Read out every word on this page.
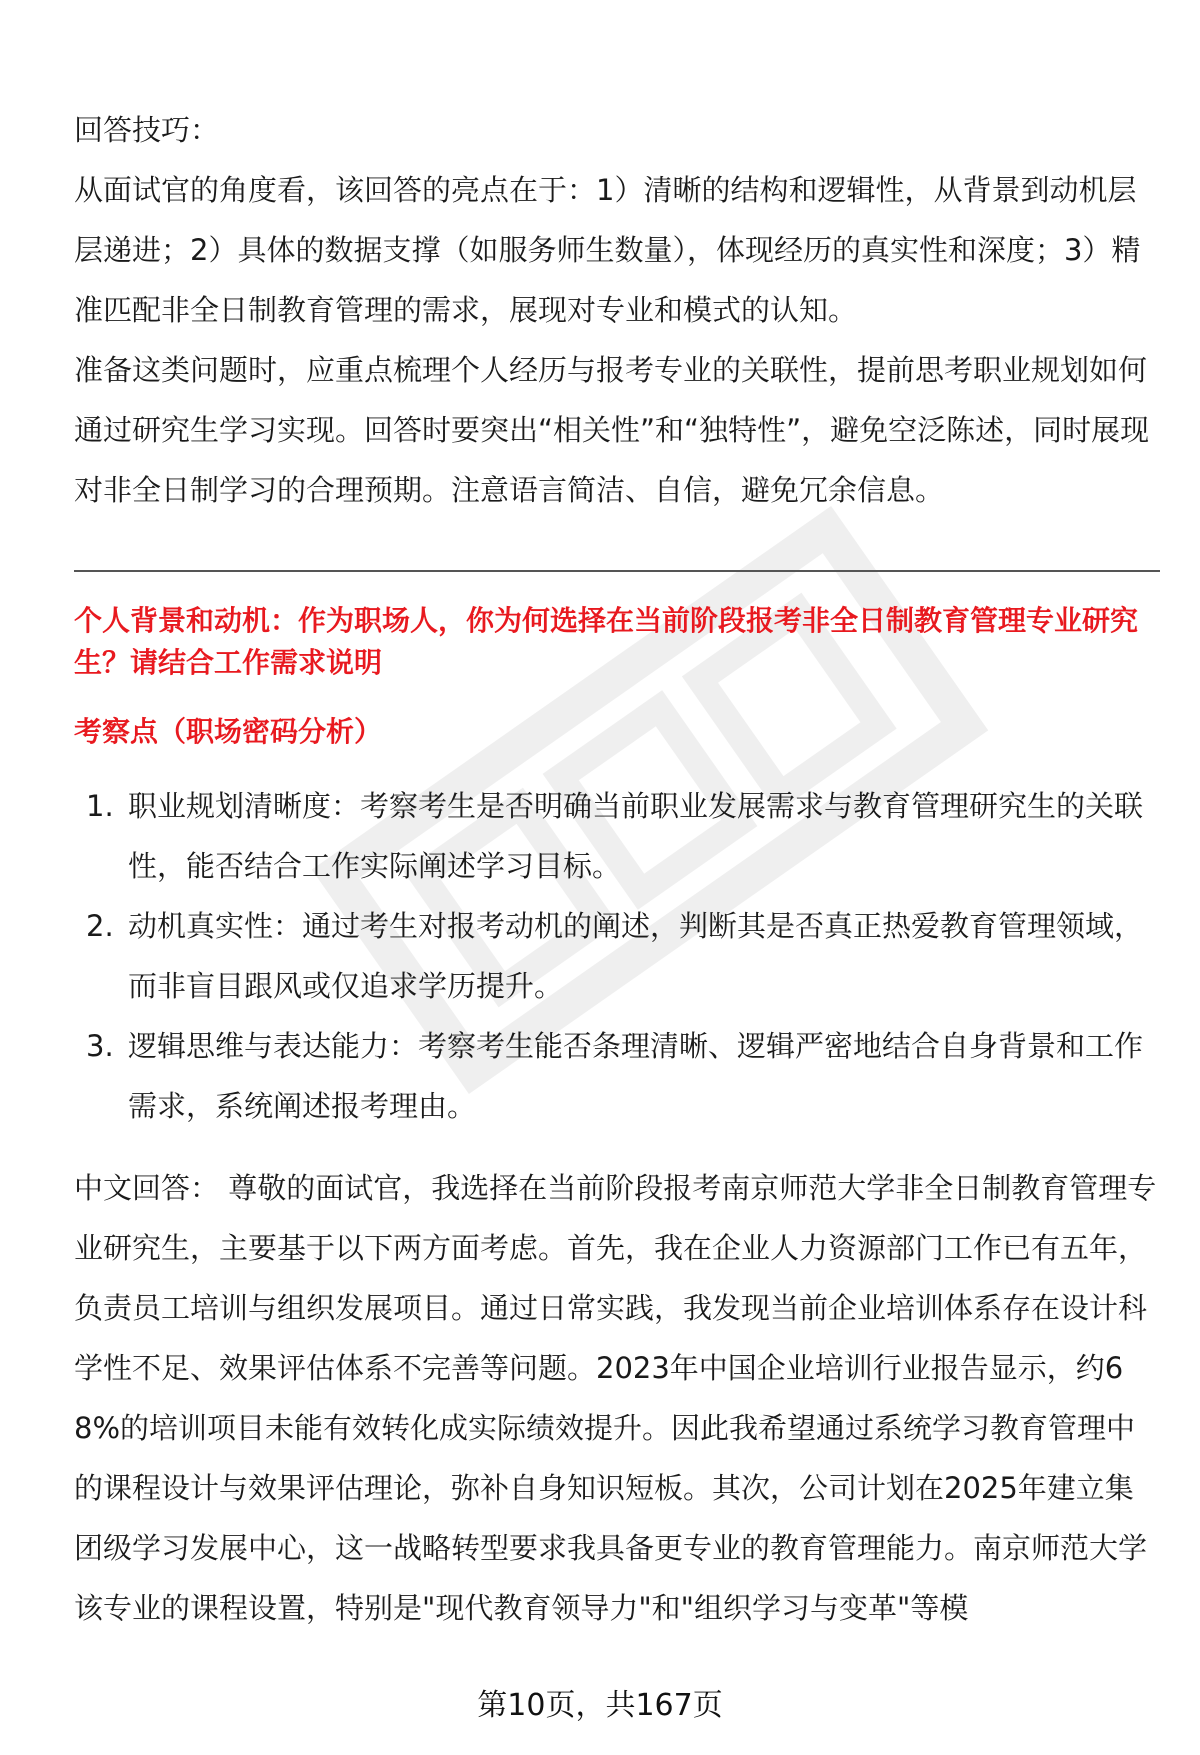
回答技巧：

从面试官的角度看，该回答的亮点在于：1）清晰的结构和逻辑性，从背景到动机层层递进；2）具体的数据支撑（如服务师生数量），体现经历的真实性和深度；3）精准匹配非全日制教育管理的需求，展现对专业和模式的认知。

准备这类问题时，应重点梳理个人经历与报考专业的关联性，提前思考职业规划如何通过研究生学习实现。回答时要突出“相关性”和“独特性”，避免空泛陈述，同时展现对非全日制学习的合理预期。注意语言简洁、自信，避免冗余信息。

个人背景和动机：作为职场人，你为何选择在当前阶段报考非全日制教育管理专业研究生？请结合工作需求说明

考察点（职场密码分析）

1. 职业规划清晰度：考察考生是否明确当前职业发展需求与教育管理研究生的关联性，能否结合工作实际阐述学习目标。
2. 动机真实性：通过考生对报考动机的阐述，判断其是否真正热爱教育管理领域，而非盲目跟风或仅追求学历提升。
3. 逻辑思维与表达能力：考察考生能否条理清晰、逻辑严密地结合自身背景和工作需求，系统阐述报考理由。

中文回答： 尊敬的面试官，我选择在当前阶段报考南京师范大学非全日制教育管理专业研究生，主要基于以下两方面考虑。首先，我在企业人力资源部门工作已有五年，负责员工培训与组织发展项目。通过日常实践，我发现当前企业培训体系存在设计科学性不足、效果评估体系不完善等问题。2023年中国企业培训行业报告显示，约68%的培训项目未能有效转化成实际绩效提升。因此我希望通过系统学习教育管理中的课程设计与效果评估理论，弥补自身知识短板。其次，公司计划在2025年建立集团级学习发展中心，这一战略转型要求我具备更专业的教育管理能力。南京师范大学该专业的课程设置，特别是"现代教育领导力"和"组织学习与变革"等模

第10页，共167页
